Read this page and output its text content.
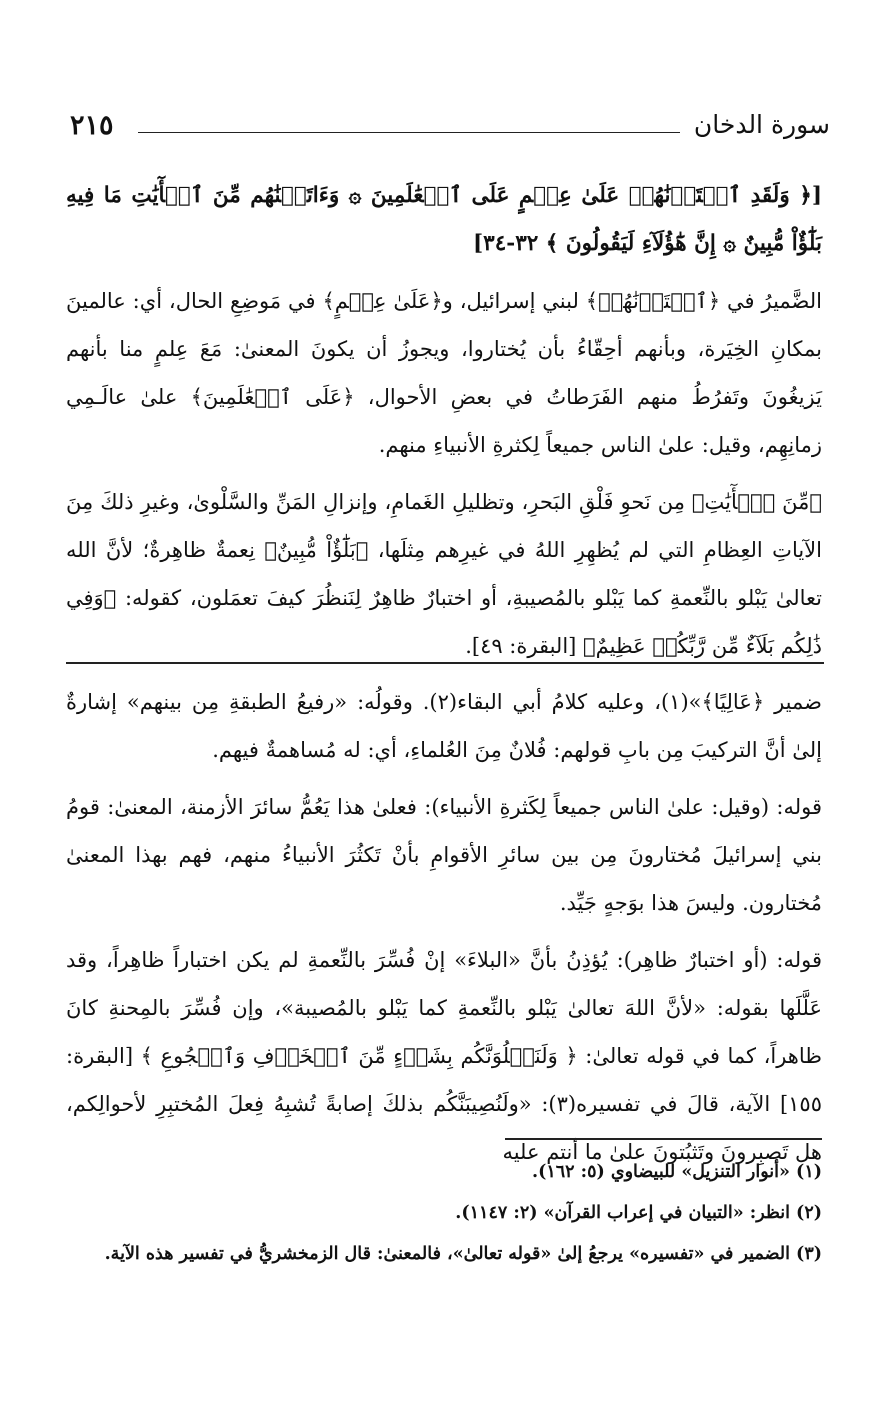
٢١٥	سورة الدخان

[﴿ وَلَقَدِ ٱخۡتَرۡنَٰهُمۡ عَلَىٰ عِلۡمٍ عَلَى ٱلۡعَٰلَمِينَ ۞ وَءَاتَيۡنَٰهُم مِّنَ ٱلۡأٓيَٰتِ مَا فِيهِ بَلَٰٓؤٌاْ مُّبِينٌ ۞ إِنَّ هَٰٓؤُلَآءِ لَيَقُولُونَ ﴾ ٣٢-٣٤]

الضَّميرُ في ﴿ٱخۡتَرۡنَٰهُمۡ﴾ لبني إسرائيل، و﴿عَلَىٰ عِلۡمٍ﴾ في مَوضِعِ الحال، أي: عالمينَ بمكانِ الخِيَرة، وبأنهم أحِقّاءُ بأن يُختاروا، ويجوزُ أن يكونَ المعنىٰ: مَعَ عِلمٍ منا بأنهم يَزيغُونَ وتَفرُطُ منهم الفَرَطاتُ في بعضِ الأحوال، ﴿عَلَى ٱلۡعَٰلَمِينَ﴾ علىٰ عالَـمِي زمانِهِم، وقيل: علىٰ الناس جميعاً لِكثرةِ الأنبياءِ منهم.

﴿مِّنَ ٱلۡأٓيَٰتِ﴾ مِن نَحوِ فَلْقِ البَحرِ، وتظليلِ الغَمامِ، وإنزالِ المَنِّ والسَّلْوىٰ، وغيرِ ذلكَ مِنَ الآياتِ العِظامِ التي لم يُظهِرِ اللهُ في غيرِهم مِثلَها، ﴿بَلَٰٓؤٌاْ مُّبِينٌ﴾ نِعمةٌ ظاهِرةٌ؛ لأنَّ الله تعالىٰ يَبْلو بالنِّعمةِ كما يَبْلو بالمُصيبةِ، أو اختبارٌ ظاهِرٌ لِنَنظُرَ كيفَ تعمَلون، كقوله: ﴿وَفِي ذَٰلِكُم بَلَآءٌ مِّن رَّبِّكُمۡ عَظِيمٌ﴾ [البقرة: ٤٩].

ضمير ﴿عَالِيًا﴾»(١)، وعليه كلامُ أبي البقاء(٢). وقولُه: «رفيعُ الطبقةِ مِن بينهم» إشارةٌ إلىٰ أنَّ التركيبَ مِن بابِ قولهم: فُلانٌ مِنَ العُلماءِ، أي: له مُساهمةٌ فيهم.

قوله: (وقيل: علىٰ الناس جميعاً لِكَثرةِ الأنبياء): فعلىٰ هذا يَعُمُّ سائرَ الأزمنة، المعنىٰ: قومُ بني إسرائيلَ مُختارونَ مِن بين سائرِ الأقوامِ بأنْ تَكثُرَ الأنبياءُ منهم، فهم بهذا المعنىٰ مُختارون. وليسَ هذا بوَجهٍ جَيِّد.

قوله: (أو اختبارٌ ظاهِر): يُؤذِنُ بأنَّ «البلاءَ» إنْ فُسِّرَ بالنِّعمةِ لم يكن اختباراً ظاهِراً، وقد عَلَّلَها بقوله: «لأنَّ اللهَ تعالىٰ يَبْلو بالنِّعمةِ كما يَبْلو بالمُصيبة»، وإن فُسِّرَ بالمِحنةِ كانَ ظاهراً، كما في قوله تعالىٰ: ﴿ وَلَنَبۡلُوَنَّكُم بِشَيۡءٍ مِّنَ ٱلۡخَوۡفِ وَٱلۡجُوعِ ﴾ [البقرة: ١٥٥] الآية، قالَ في تفسيره(٣): «ولَنُصِيبَنَّكُم بذلكَ إصابةً تُشبِهُ فِعلَ المُختبِرِ لأحوالِكم، هل تَصبِرونَ وتَثبُتونَ علىٰ ما أنتم عليه

(١) «أنوار التنزيل» للبيضاوي (٥: ١٦٢).

(٢) انظر: «التبيان في إعراب القرآن» (٢: ١١٤٧).

(٣) الضمير في «تفسيره» يرجعُ إلىٰ «قوله تعالىٰ»، فالمعنىٰ: قال الزمخشريُّ في تفسير هذه الآية.
